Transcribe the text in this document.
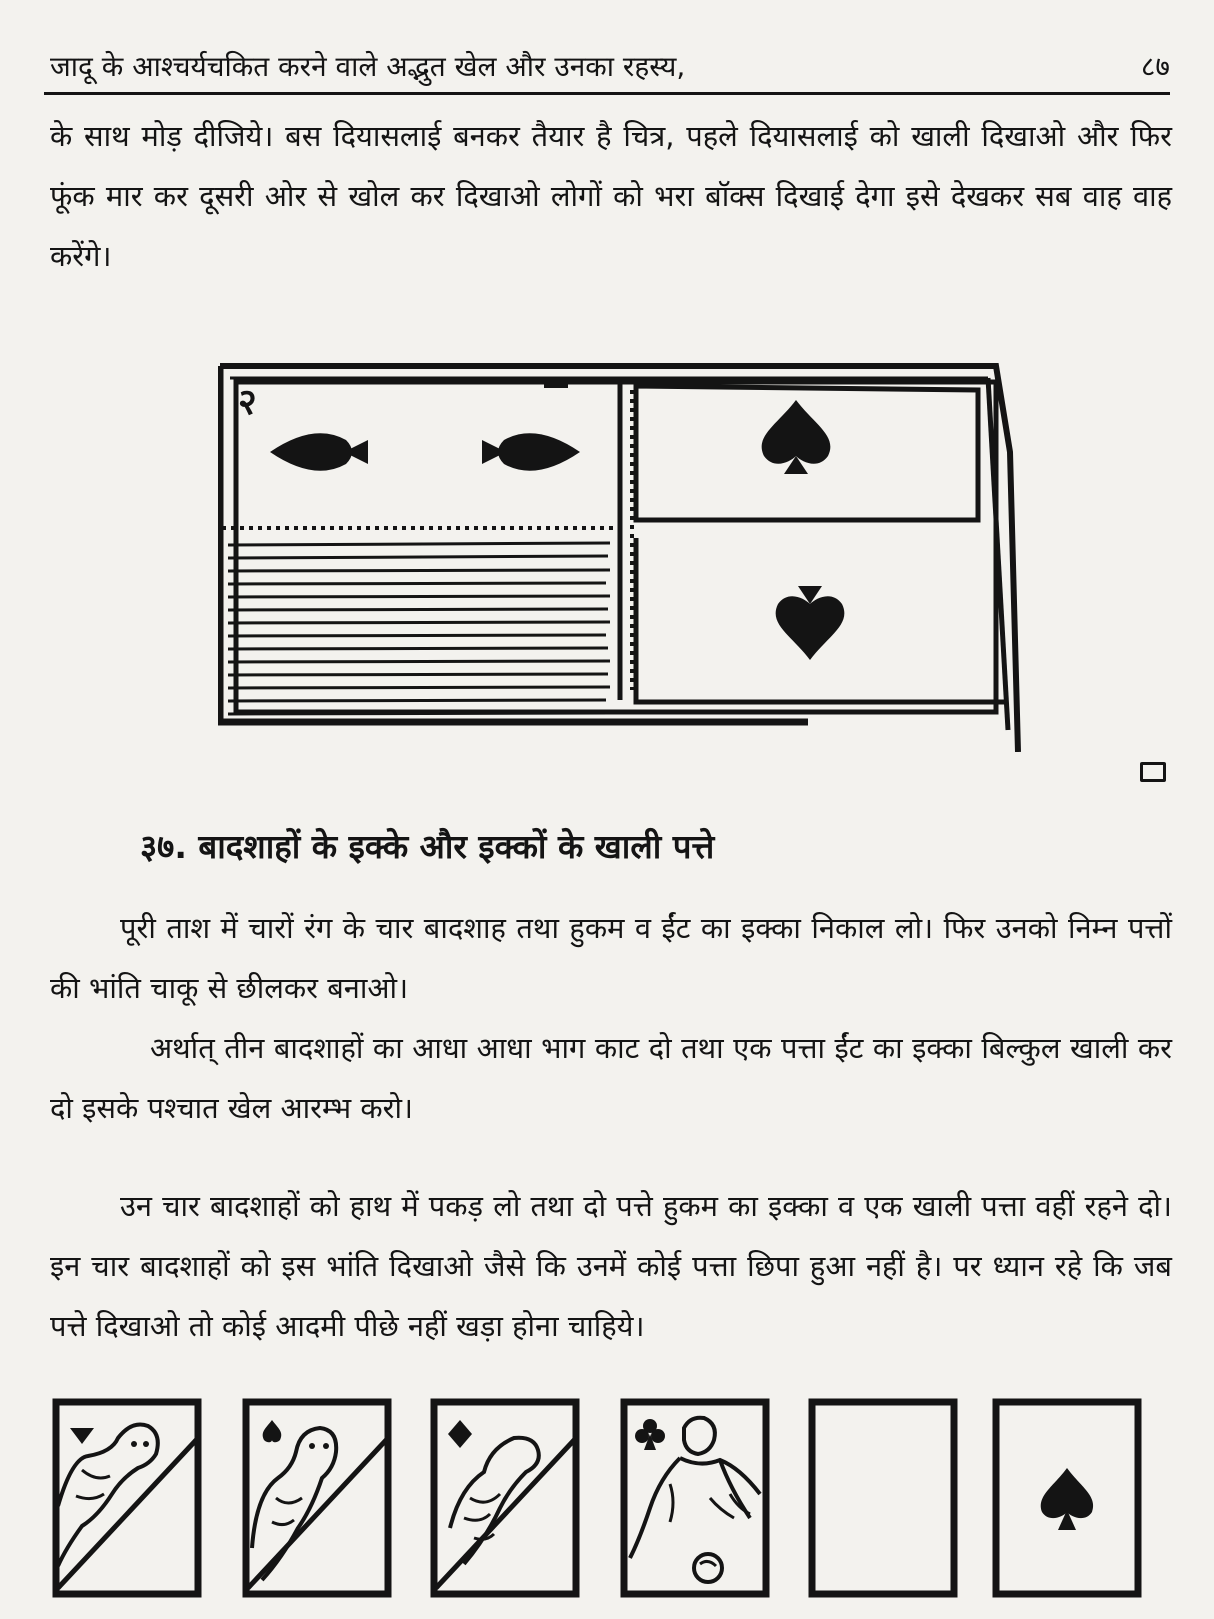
जादू के आश्चर्यचकित करने वाले अद्भुत खेल और उनका रहस्य,	८७
के साथ मोड़ दीजिये। बस दियासलाई बनकर तैयार है चित्र, पहले दियासलाई को खाली दिखाओ और फिर फूंक मार कर दूसरी ओर से खोल कर दिखाओ लोगों को भरा बॉक्स दिखाई देगा इसे देखकर सब वाह वाह करेंगे।
२
३७. बादशाहों के इक्के और इक्कों के खाली पत्ते
पूरी ताश में चारों रंग के चार बादशाह तथा हुकम व ईंट का इक्का निकाल लो। फिर उनको निम्न पत्तों की भांति चाकू से छीलकर बनाओ।
अर्थात् तीन बादशाहों का आधा आधा भाग काट दो तथा एक पत्ता ईंट का इक्का बिल्कुल खाली कर दो इसके पश्चात खेल आरम्भ करो।
उन चार बादशाहों को हाथ में पकड़ लो तथा दो पत्ते हुकम का इक्का व एक खाली पत्ता वहीं रहने दो। इन चार बादशाहों को इस भांति दिखाओ जैसे कि उनमें कोई पत्ता छिपा हुआ नहीं है। पर ध्यान रहे कि जब पत्ते दिखाओ तो कोई आदमी पीछे नहीं खड़ा होना चाहिये।
